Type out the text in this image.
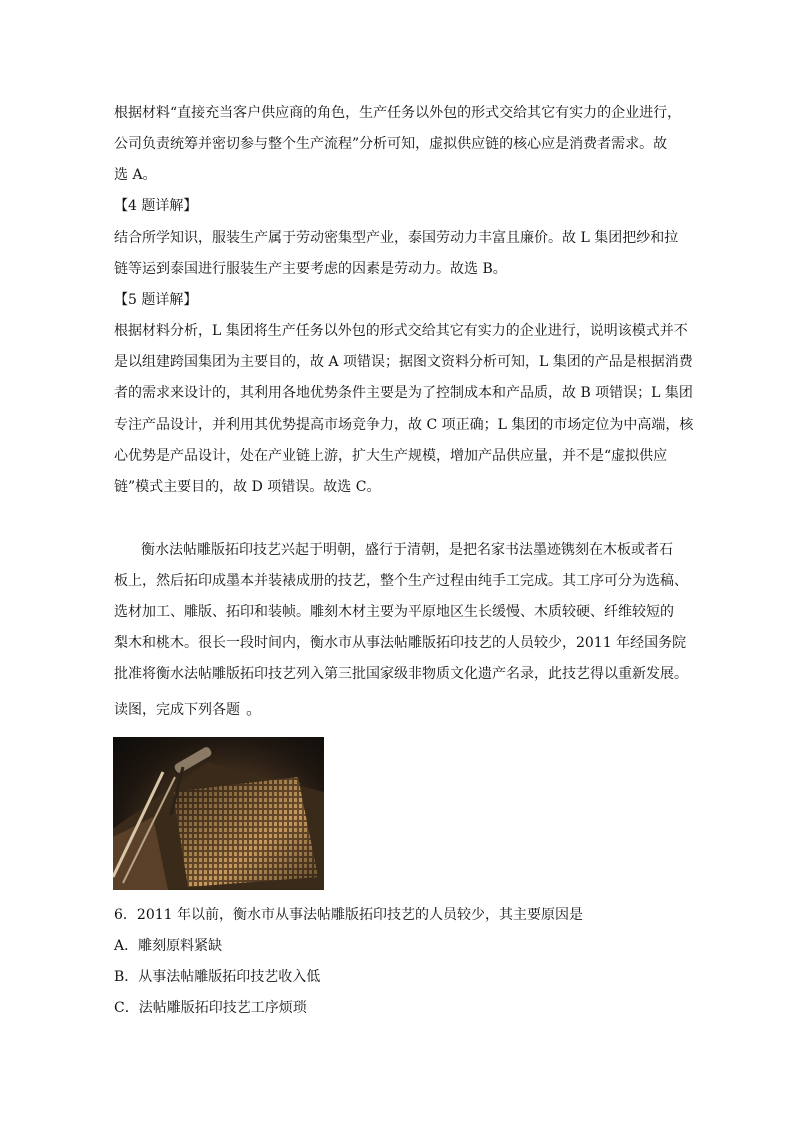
根据材料“直接充当客户供应商的角色，生产任务以外包的形式交给其它有实力的企业进行，
公司负责统筹并密切参与整个生产流程”分析可知，虚拟供应链的核心应是消费者需求。故
选 A。
【4 题详解】
结合所学知识，服装生产属于劳动密集型产业，泰国劳动力丰富且廉价。故 L 集团把纱和拉
链等运到泰国进行服装生产主要考虑的因素是劳动力。故选 B。
【5 题详解】
根据材料分析，L 集团将生产任务以外包的形式交给其它有实力的企业进行，说明该模式并不
是以组建跨国集团为主要目的，故 A 项错误；据图文资料分析可知，L 集团的产品是根据消费
者的需求来设计的，其利用各地优势条件主要是为了控制成本和产品质，故 B 项错误；L 集团
专注产品设计，并利用其优势提高市场竞争力，故 C 项正确；L 集团的市场定位为中高端，核
心优势是产品设计，处在产业链上游，扩大生产规模，增加产品供应量，并不是“虚拟供应
链”模式主要目的，故 D 项错误。故选 C。
衡水法帖雕版拓印技艺兴起于明朝，盛行于清朝，是把名家书法墨迹镌刻在木板或者石
板上，然后拓印成墨本并装裱成册的技艺，整个生产过程由纯手工完成。其工序可分为选稿、
选材加工、雕版、拓印和装帧。雕刻木材主要为平原地区生长缓慢、木质较硬、纤维较短的
梨木和桃木。很长一段时间内，衡水市从事法帖雕版拓印技艺的人员较少，2011 年经国务院
批准将衡水法帖雕版拓印技艺列入第三批国家级非物质文化遗产名录，此技艺得以重新发展。
读图，完成下列各题 。
6．2011 年以前，衡水市从事法帖雕版拓印技艺的人员较少，其主要原因是
A．雕刻原料紧缺
B．从事法帖雕版拓印技艺收入低
C．法帖雕版拓印技艺工序烦琐
